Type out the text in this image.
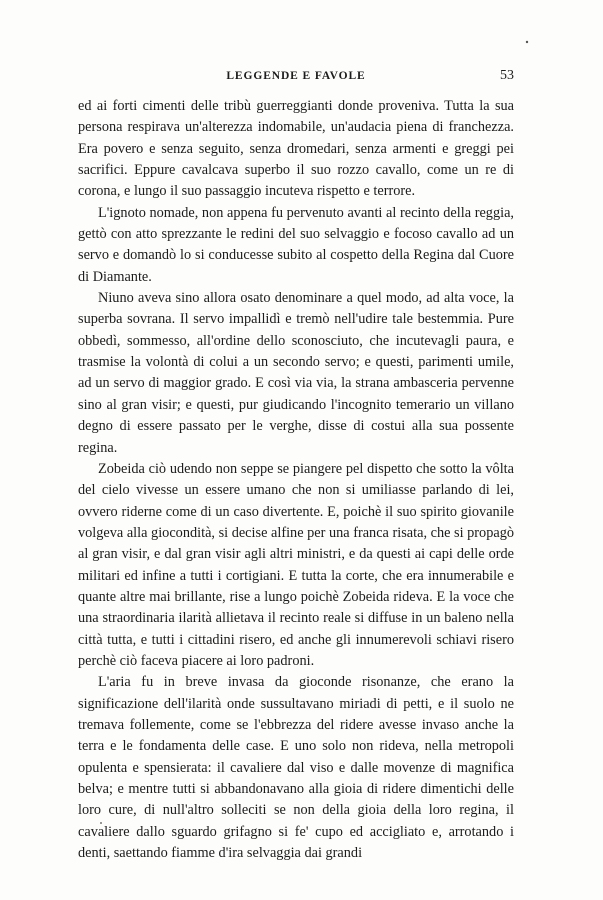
LEGGENDE E FAVOLE	53

ed ai forti cimenti delle tribù guerreggianti donde proveniva. Tutta la sua persona respirava un'alterezza indomabile, un'audacia piena di franchezza. Era povero e senza seguito, senza dromedari, senza armenti e greggi pei sacrifici. Eppure cavalcava superbo il suo rozzo cavallo, come un re di corona, e lungo il suo passaggio incuteva rispetto e terrore.

L'ignoto nomade, non appena fu pervenuto avanti al recinto della reggia, gettò con atto sprezzante le redini del suo selvaggio e focoso cavallo ad un servo e domandò lo si conducesse subito al cospetto della Regina dal Cuore di Diamante.

Niuno aveva sino allora osato denominare a quel modo, ad alta voce, la superba sovrana. Il servo impallidì e tremò nell'udire tale bestemmia. Pure obbedì, sommesso, all'ordine dello sconosciuto, che incutevagli paura, e trasmise la volontà di colui a un secondo servo; e questi, parimenti umile, ad un servo di maggior grado. E così via via, la strana ambasceria pervenne sino al gran visir; e questi, pur giudicando l'incognito temerario un villano degno di essere passato per le verghe, disse di costui alla sua possente regina.

Zobeida ciò udendo non seppe se piangere pel dispetto che sotto la vôlta del cielo vivesse un essere umano che non si umiliasse parlando di lei, ovvero riderne come di un caso divertente. E, poichè il suo spirito giovanile volgeva alla giocondità, si decise alfine per una franca risata, che si propagò al gran visir, e dal gran visir agli altri ministri, e da questi ai capi delle orde militari ed infine a tutti i cortigiani. E tutta la corte, che era innumerabile e quante altre mai brillante, rise a lungo poichè Zobeida rideva. E la voce che una straordinaria ilarità allietava il recinto reale si diffuse in un baleno nella città tutta, e tutti i cittadini risero, ed anche gli innumerevoli schiavi risero perchè ciò faceva piacere ai loro padroni.

L'aria fu in breve invasa da gioconde risonanze, che erano la significazione dell'ilarità onde sussultavano miriadi di petti, e il suolo ne tremava follemente, come se l'ebbrezza del ridere avesse invaso anche la terra e le fondamenta delle case. E uno solo non rideva, nella metropoli opulenta e spensierata: il cavaliere dal viso e dalle movenze di magnifica belva; e mentre tutti si abbandonavano alla gioia di ridere dimentichi delle loro cure, di null'altro solleciti se non della gioia della loro regina, il cavaliere dallo sguardo grifagno si fe' cupo ed accigliato e, arrotando i denti, saettando fiamme d'ira selvaggia dai grandi
